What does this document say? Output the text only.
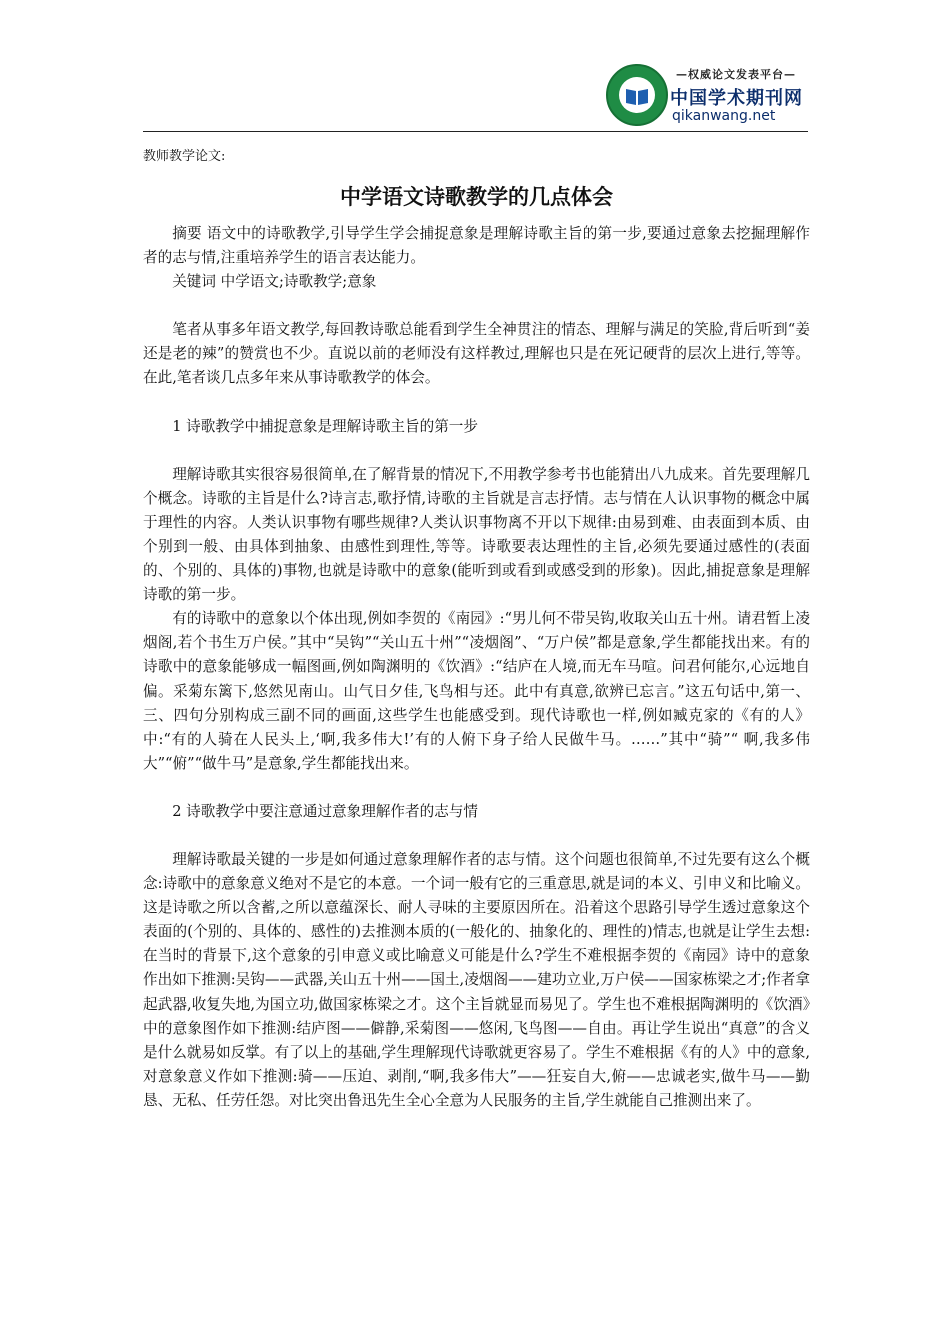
—权威论文发表平台—
中国学术期刊网
qikanwang.net
教师教学论文:
中学语文诗歌教学的几点体会

摘要 语文中的诗歌教学,引导学生学会捕捉意象是理解诗歌主旨的第一步,要通过意象去挖掘理解作者的志与情,注重培养学生的语言表达能力。

关键词 中学语文;诗歌教学;意象

笔者从事多年语文教学,每回教诗歌总能看到学生全神贯注的情态、理解与满足的笑脸,背后听到“姜还是老的辣”的赞赏也不少。直说以前的老师没有这样教过,理解也只是在死记硬背的层次上进行,等等。在此,笔者谈几点多年来从事诗歌教学的体会。

1 诗歌教学中捕捉意象是理解诗歌主旨的第一步

理解诗歌其实很容易很简单,在了解背景的情况下,不用教学参考书也能猜出八九成来。首先要理解几个概念。诗歌的主旨是什么?诗言志,歌抒情,诗歌的主旨就是言志抒情。志与情在人认识事物的概念中属于理性的内容。人类认识事物有哪些规律?人类认识事物离不开以下规律:由易到难、由表面到本质、由个别到一般、由具体到抽象、由感性到理性,等等。诗歌要表达理性的主旨,必须先要通过感性的(表面的、个别的、具体的)事物,也就是诗歌中的意象(能听到或看到或感受到的形象)。因此,捕捉意象是理解诗歌的第一步。

有的诗歌中的意象以个体出现,例如李贺的《南园》:“男儿何不带吴钩,收取关山五十州。请君暂上凌烟阁,若个书生万户侯。”其中“吴钩”“关山五十州”“凌烟阁”、“万户侯”都是意象,学生都能找出来。有的诗歌中的意象能够成一幅图画,例如陶渊明的《饮酒》:“结庐在人境,而无车马喧。问君何能尔,心远地自偏。采菊东篱下,悠然见南山。山气日夕佳,飞鸟相与还。此中有真意,欲辨已忘言。”这五句话中,第一、三、四句分别构成三副不同的画面,这些学生也能感受到。现代诗歌也一样,例如臧克家的《有的人》中:“有的人骑在人民头上,‘啊,我多伟大!’有的人俯下身子给人民做牛马。……”其中“骑”“ 啊,我多伟大”“俯”“做牛马”是意象,学生都能找出来。

2 诗歌教学中要注意通过意象理解作者的志与情

理解诗歌最关键的一步是如何通过意象理解作者的志与情。这个问题也很简单,不过先要有这么个概念:诗歌中的意象意义绝对不是它的本意。一个词一般有它的三重意思,就是词的本义、引申义和比喻义。这是诗歌之所以含蓄,之所以意蕴深长、耐人寻味的主要原因所在。沿着这个思路引导学生透过意象这个表面的(个别的、具体的、感性的)去推测本质的(一般化的、抽象化的、理性的)情志,也就是让学生去想:在当时的背景下,这个意象的引申意义或比喻意义可能是什么?学生不难根据李贺的《南园》诗中的意象作出如下推测:吴钩——武器,关山五十州——国土,凌烟阁——建功立业,万户侯——国家栋梁之才;作者拿起武器,收复失地,为国立功,做国家栋梁之才。这个主旨就显而易见了。学生也不难根据陶渊明的《饮酒》中的意象图作如下推测:结庐图——僻静,采菊图——悠闲,飞鸟图——自由。再让学生说出“真意”的含义是什么就易如反掌。有了以上的基础,学生理解现代诗歌就更容易了。学生不难根据《有的人》中的意象,对意象意义作如下推测:骑——压迫、剥削,“啊,我多伟大”——狂妄自大,俯——忠诚老实,做牛马——勤恳、无私、任劳任怨。对比突出鲁迅先生全心全意为人民服务的主旨,学生就能自己推测出来了。
